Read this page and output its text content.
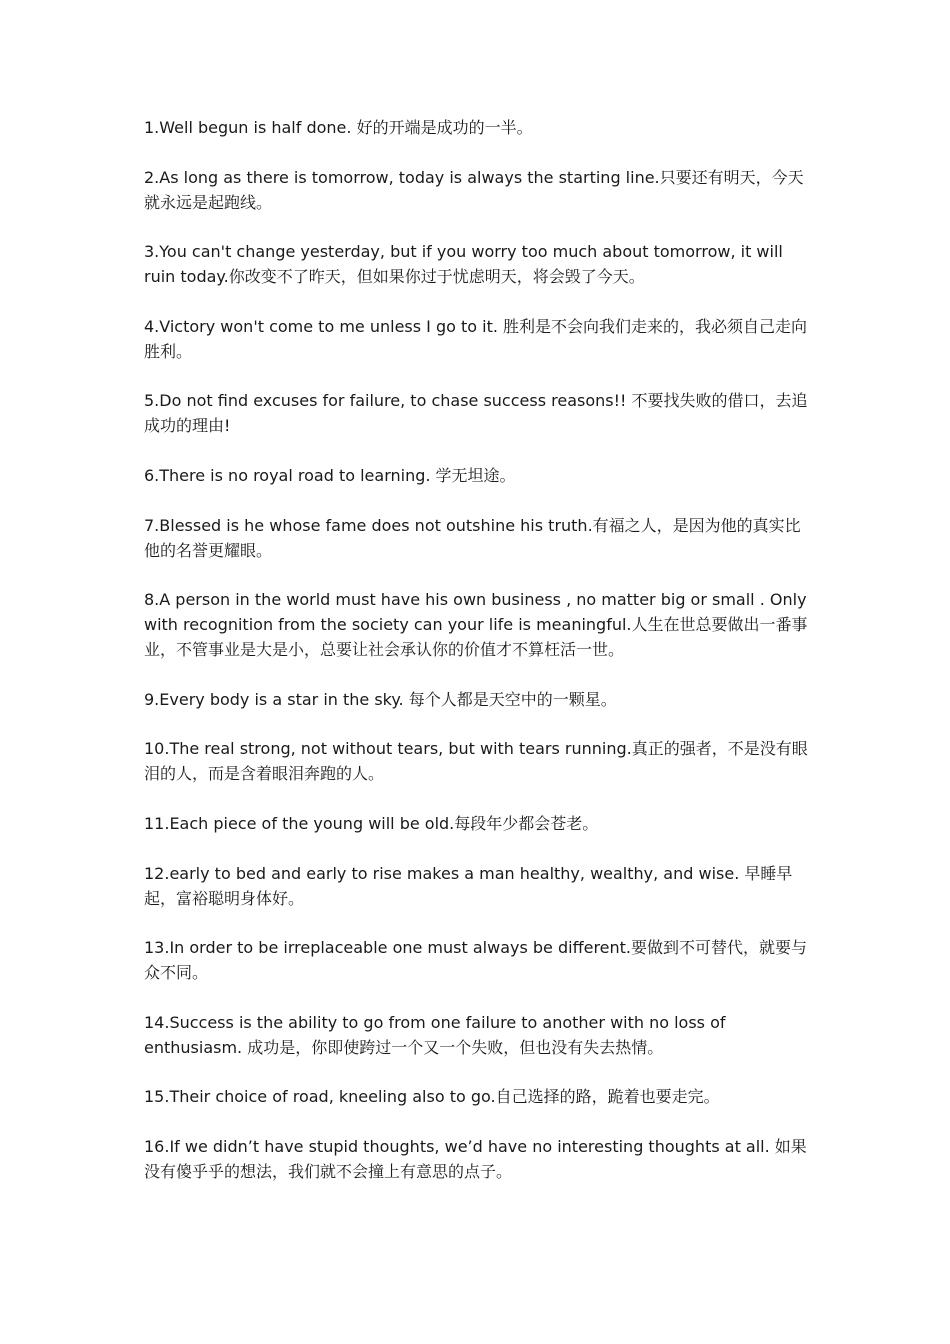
1.Well begun is half done. 好的开端是成功的一半。

2.As long as there is tomorrow, today is always the starting line.只要还有明天，今天就永远是起跑线。

3.You can't change yesterday, but if you worry too much about tomorrow, it will ruin today.你改变不了昨天，但如果你过于忧虑明天，将会毁了今天。

4.Victory won't come to me unless I go to it. 胜利是不会向我们走来的，我必须自己走向胜利。

5.Do not find excuses for failure, to chase success reasons!! 不要找失败的借口，去追成功的理由!

6.There is no royal road to learning. 学无坦途。

7.Blessed is he whose fame does not outshine his truth.有福之人，是因为他的真实比他的名誉更耀眼。

8.A person in the world must have his own business , no matter big or small . Only with recognition from the society can your life is meaningful.人生在世总要做出一番事业，不管事业是大是小，总要让社会承认你的价值才不算枉活一世。

9.Every body is a star in the sky. 每个人都是天空中的一颗星。

10.The real strong, not without tears, but with tears running.真正的强者，不是没有眼泪的人，而是含着眼泪奔跑的人。

11.Each piece of the young will be old.每段年少都会苍老。

12.early to bed and early to rise makes a man healthy, wealthy, and wise. 早睡早起，富裕聪明身体好。

13.In order to be irreplaceable one must always be different.要做到不可替代，就要与众不同。

14.Success is the ability to go from one failure to another with no loss of enthusiasm. 成功是，你即使跨过一个又一个失败，但也没有失去热情。

15.Their choice of road, kneeling also to go.自己选择的路，跪着也要走完。

16.If we didn’t have stupid thoughts, we’d have no interesting thoughts at all. 如果没有傻乎乎的想法，我们就不会撞上有意思的点子。
